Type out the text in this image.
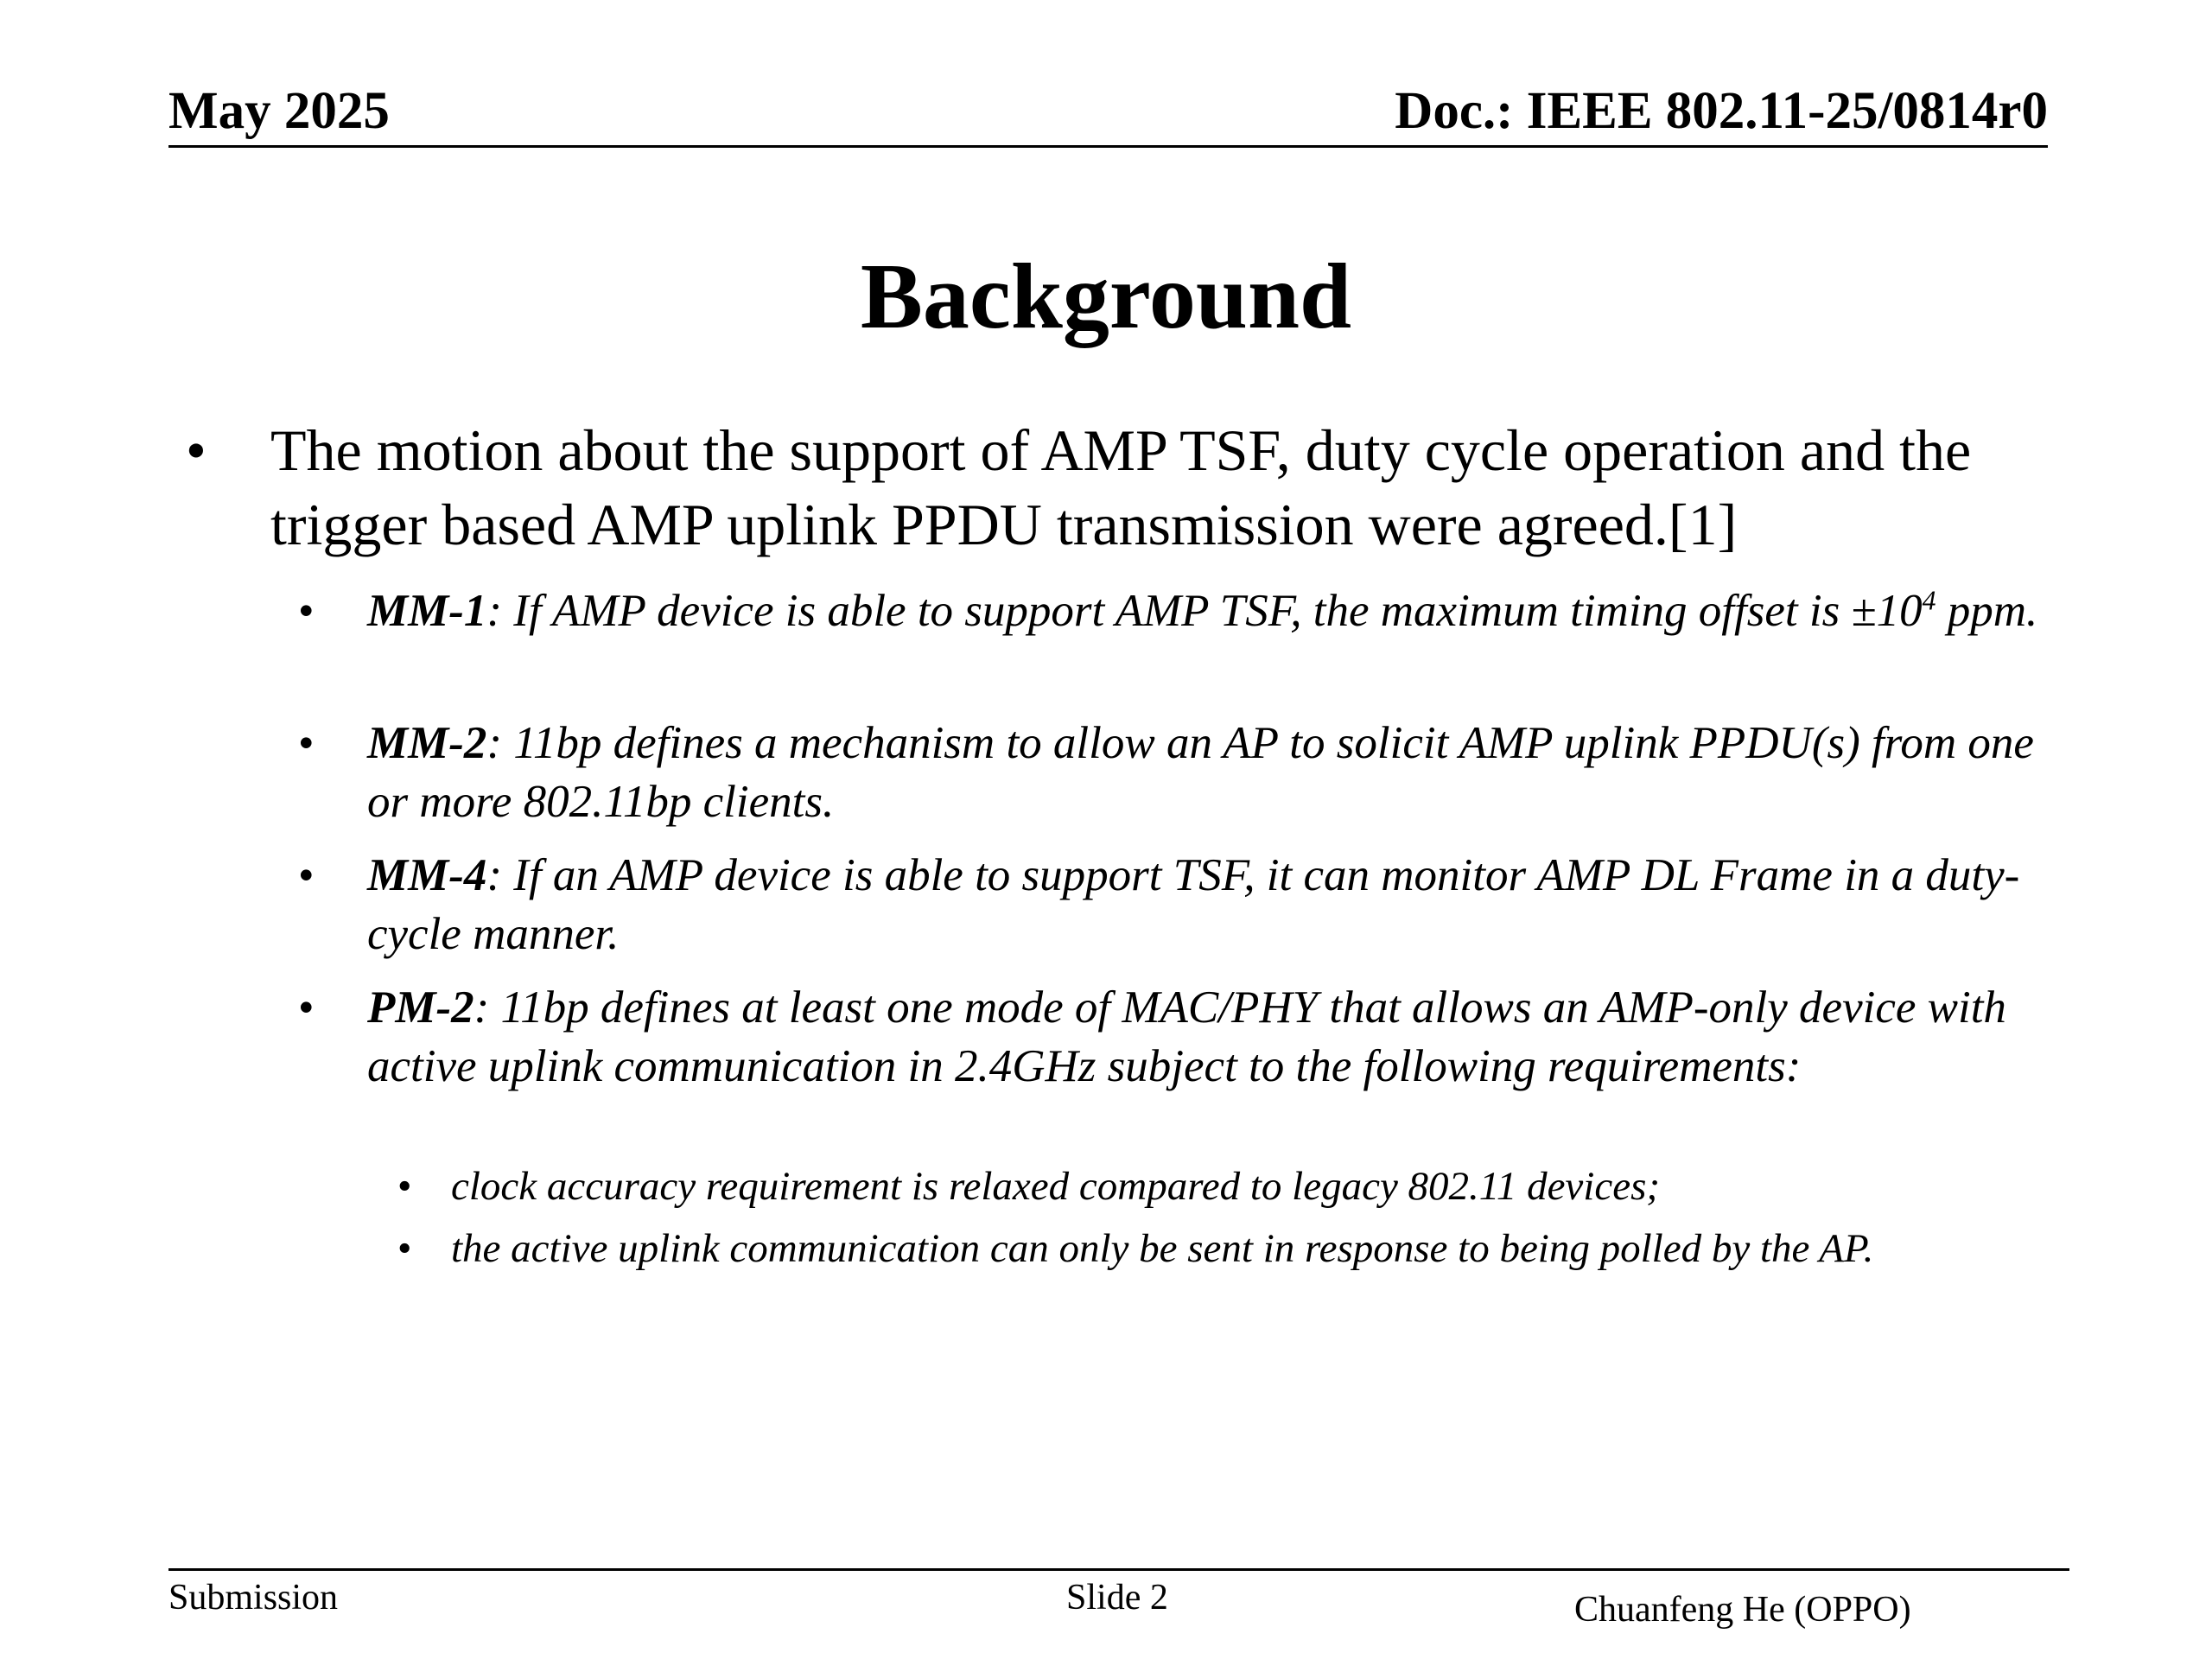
May 2025	Doc.: IEEE 802.11-25/0814r0
Background
• The motion about the support of AMP TSF, duty cycle operation and the trigger based AMP uplink PPDU transmission were agreed.[1]
• MM-1: If AMP device is able to support AMP TSF, the maximum timing offset is $\pm 10^4$ ppm.
• MM-2: 11bp defines a mechanism to allow an AP to solicit AMP uplink PPDU(s) from one or more 802.11bp clients.
• MM-4: If an AMP device is able to support TSF, it can monitor AMP DL Frame in a duty-cycle manner.
• PM-2: 11bp defines at least one mode of MAC/PHY that allows an AMP-only device with active uplink communication in 2.4GHz subject to the following requirements:
• clock accuracy requirement is relaxed compared to legacy 802.11 devices;
• the active uplink communication can only be sent in response to being polled by the AP.
Submission	Slide 2	Chuanfeng He (OPPO)
